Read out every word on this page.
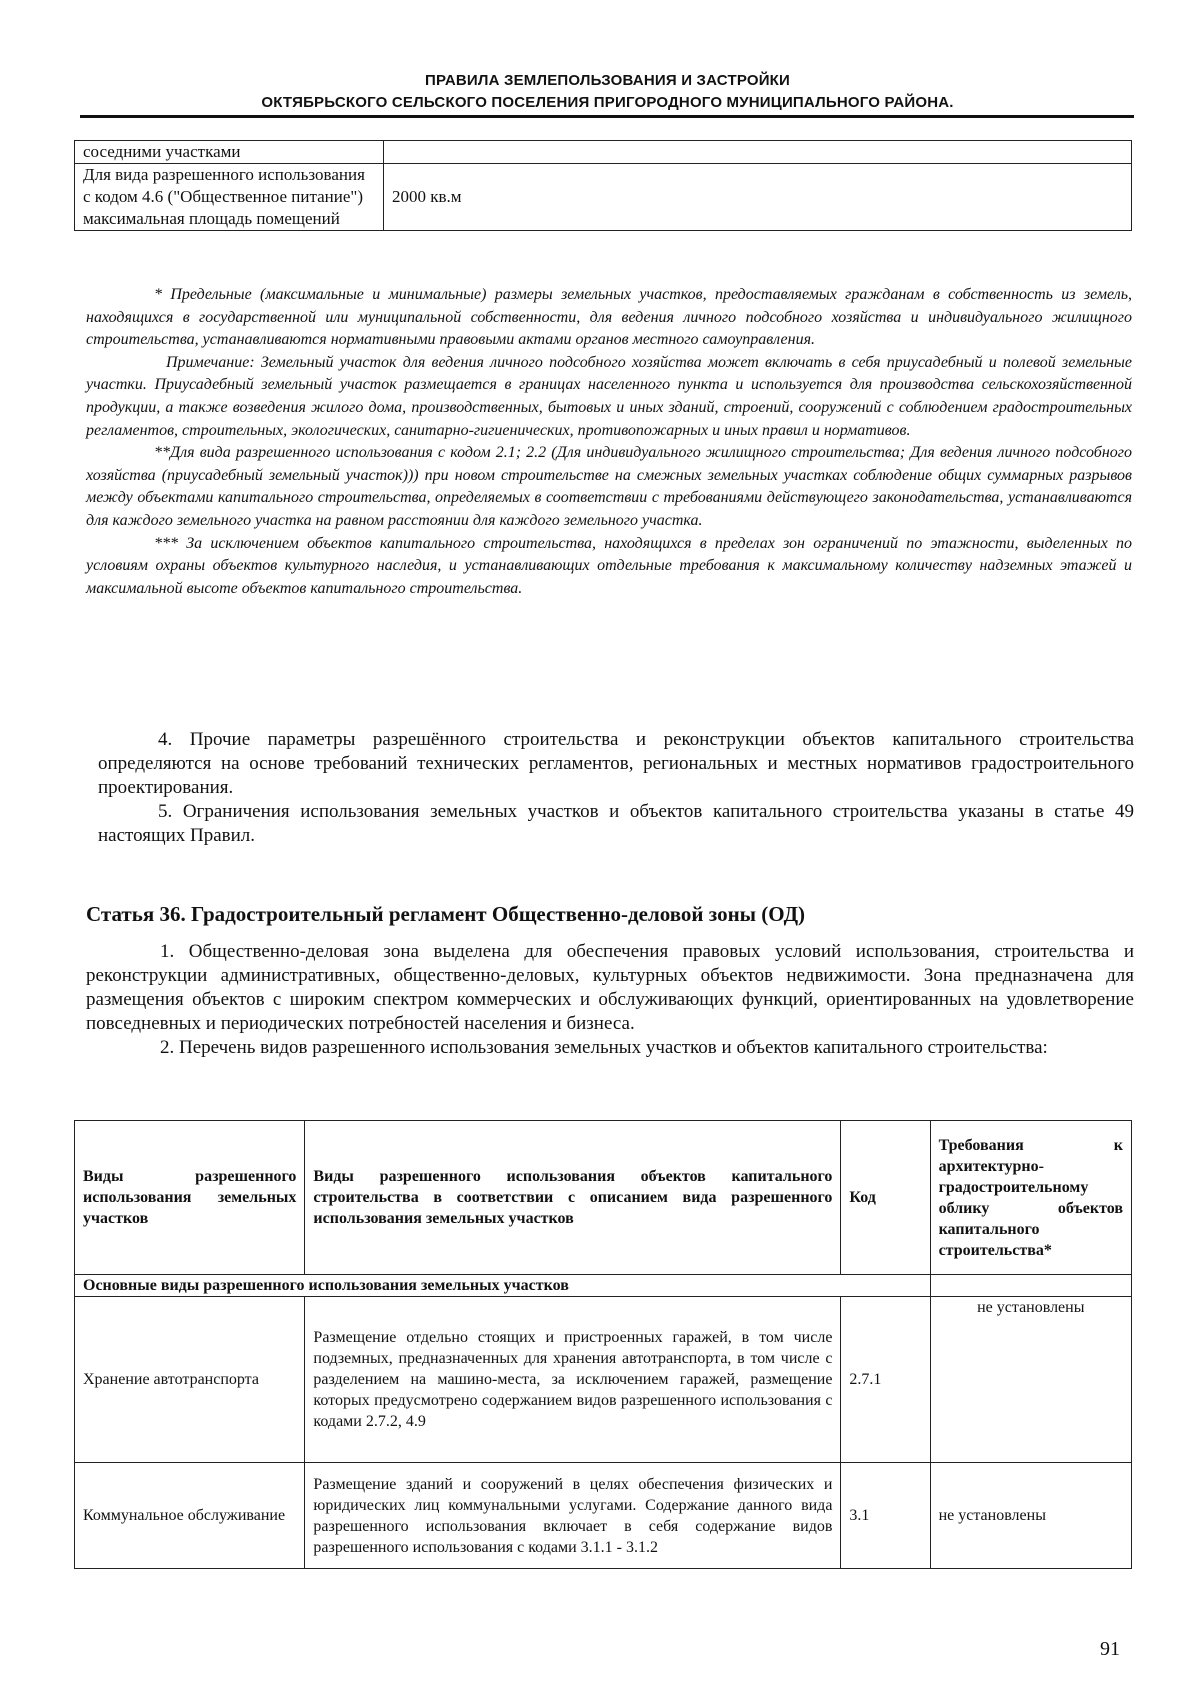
ПРАВИЛА ЗЕМЛЕПОЛЬЗОВАНИЯ И ЗАСТРОЙКИ
ОКТЯБРЬСКОГО СЕЛЬСКОГО ПОСЕЛЕНИЯ ПРИГОРОДНОГО МУНИЦИПАЛЬНОГО РАЙОНА.
соседними участками	
Для вида разрешенного использования с кодом 4.6 ("Общественное питание") максимальная площадь помещений	2000 кв.м

* Предельные (максимальные и минимальные) размеры земельных участков, предоставляемых гражданам в собственность из земель, находящихся в государственной или муниципальной собственности, для ведения личного подсобного хозяйства и индивидуального жилищного строительства, устанавливаются нормативными правовыми актами органов местного самоуправления.

Примечание: Земельный участок для ведения личного подсобного хозяйства может включать в себя приусадебный и полевой земельные участки. Приусадебный земельный участок размещается в границах населенного пункта и используется для производства сельскохозяйственной продукции, а также возведения жилого дома, производственных, бытовых и иных зданий, строений, сооружений с соблюдением градостроительных регламентов, строительных, экологических, санитарно-гигиенических, противопожарных и иных правил и нормативов.

**Для вида разрешенного использования с кодом 2.1; 2.2 (Для индивидуального жилищного строительства; Для ведения личного подсобного хозяйства (приусадебный земельный участок))) при новом строительстве на смежных земельных участках соблюдение общих суммарных разрывов между объектами капитального строительства, определяемых в соответствии с требованиями действующего законодательства, устанавливаются для каждого земельного участка на равном расстоянии для каждого земельного участка.

*** За исключением объектов капитального строительства, находящихся в пределах зон ограничений по этажности, выделенных по условиям охраны объектов культурного наследия, и устанавливающих отдельные требования к максимальному количеству надземных этажей и максимальной высоте объектов капитального строительства.

4. Прочие параметры разрешённого строительства и реконструкции объектов капитального строительства определяются на основе требований технических регламентов, региональных и местных нормативов градостроительного проектирования.

5. Ограничения использования земельных участков и объектов капитального строительства указаны в статье 49 настоящих Правил.

Статья 36. Градостроительный регламент Общественно-деловой зоны (ОД)

1. Общественно-деловая зона выделена для обеспечения правовых условий использования, строительства и реконструкции административных, общественно-деловых, культурных объектов недвижимости. Зона предназначена для размещения объектов с широким спектром коммерческих и обслуживающих функций, ориентированных на удовлетворение повседневных и периодических потребностей населения и бизнеса.

2. Перечень видов разрешенного использования земельных участков и объектов капитального строительства:

Виды разрешенного использования земельных участков	Виды разрешенного использования объектов капитального строительства в соответствии с описанием вида разрешенного использования земельных участков	Код	Требования к архитектурно-градостроительному облику объектов капитального строительства*
Основные виды разрешенного использования земельных участков			
Хранение автотранспорта	Размещение отдельно стоящих и пристроенных гаражей, в том числе подземных, предназначенных для хранения автотранспорта, в том числе с разделением на машино-места, за исключением гаражей, размещение которых предусмотрено содержанием видов разрешенного использования с кодами 2.7.2, 4.9	2.7.1	не установлены
Коммунальное обслуживание	Размещение зданий и сооружений в целях обеспечения физических и юридических лиц коммунальными услугами. Содержание данного вида разрешенного использования включает в себя содержание видов разрешенного использования с кодами 3.1.1 - 3.1.2	3.1	не установлены
91
